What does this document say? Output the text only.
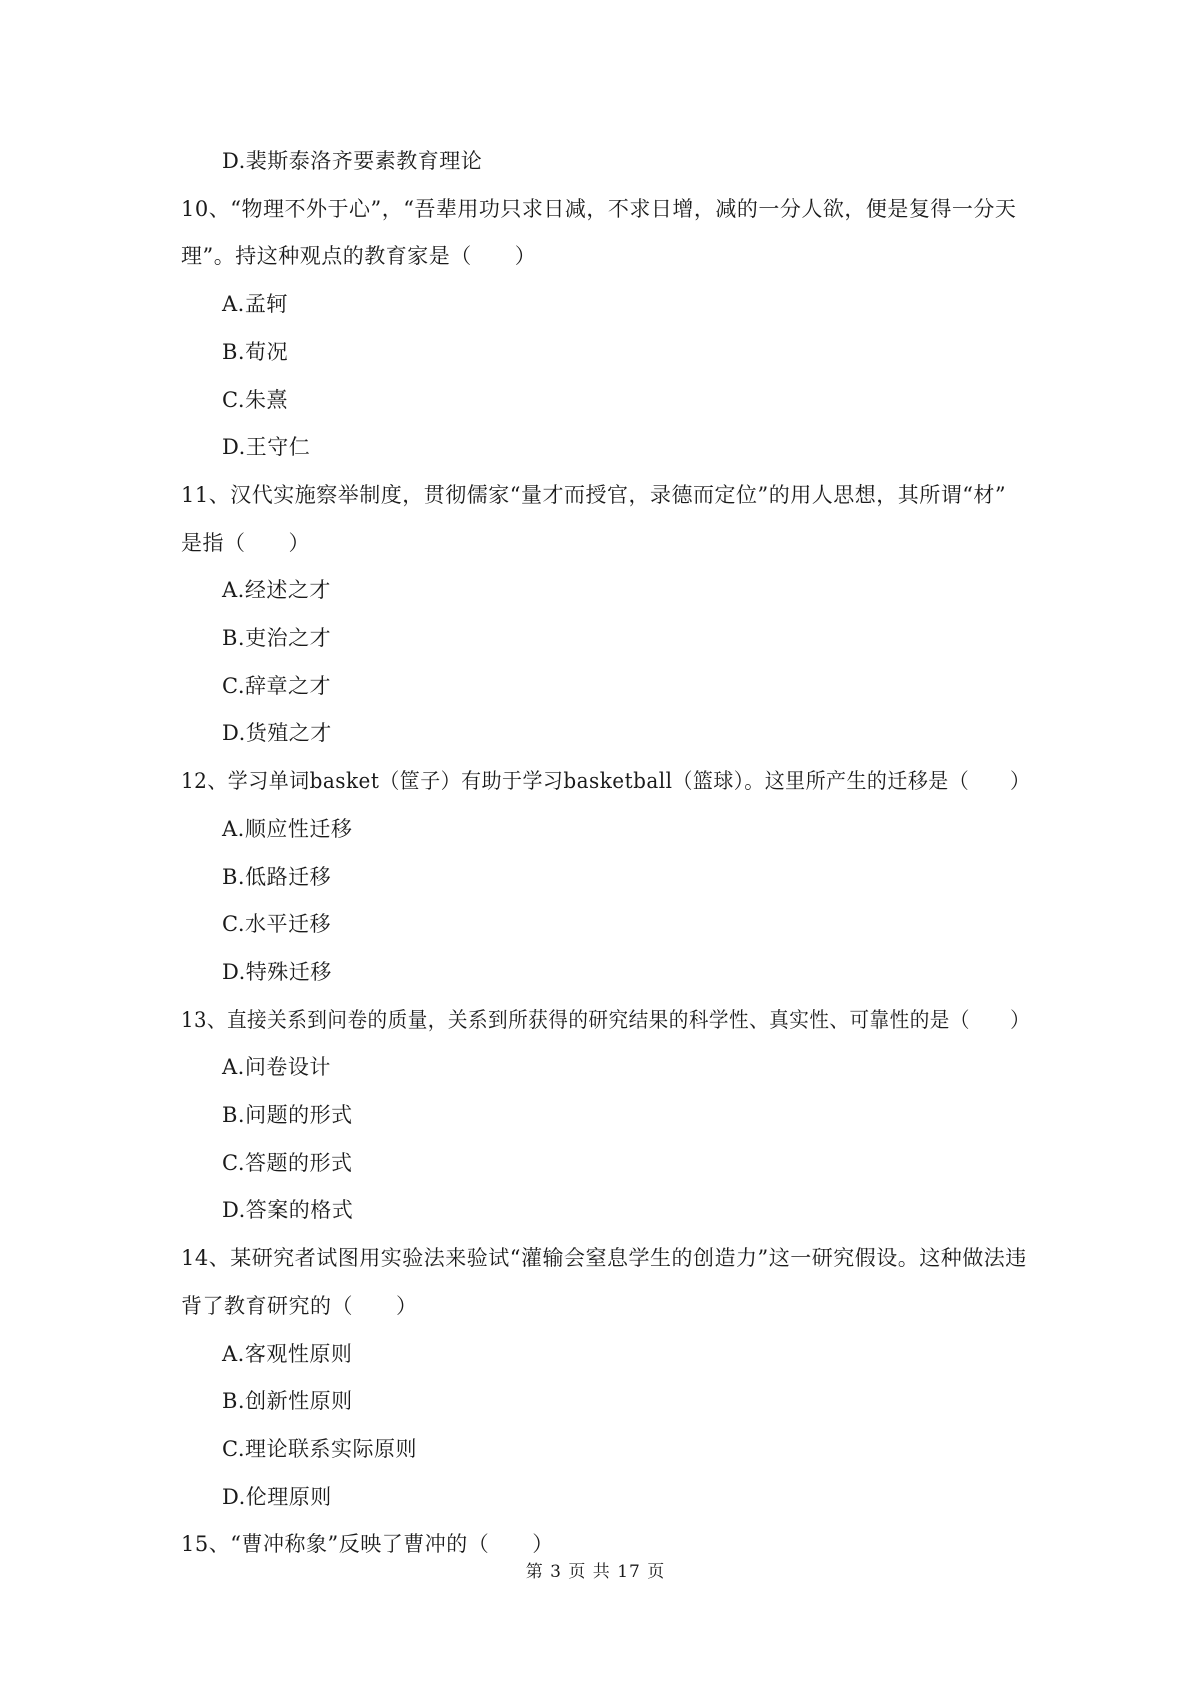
D.裴斯泰洛齐要素教育理论
10、“物理不外于心”，“吾辈用功只求日减，不求日增，减的一分人欲，便是复得一分天
理”。持这种观点的教育家是（　　）
A.孟轲
B.荀况
C.朱熹
D.王守仁
11、汉代实施察举制度，贯彻儒家“量才而授官，录德而定位”的用人思想，其所谓“材”
是指（　　）
A.经述之才
B.吏治之才
C.辞章之才
D.货殖之才
12、学习单词basket（筐子）有助于学习basketball（篮球）。这里所产生的迁移是（　　）
A.顺应性迁移
B.低路迁移
C.水平迁移
D.特殊迁移
13、直接关系到问卷的质量，关系到所获得的研究结果的科学性、真实性、可靠性的是（　　）
A.问卷设计
B.问题的形式
C.答题的形式
D.答案的格式
14、某研究者试图用实验法来验试“灌输会窒息学生的创造力”这一研究假设。这种做法违
背了教育研究的（　　）
A.客观性原则
B.创新性原则
C.理论联系实际原则
D.伦理原则
15、“曹冲称象”反映了曹冲的（　　）
第 3 页 共 17 页
